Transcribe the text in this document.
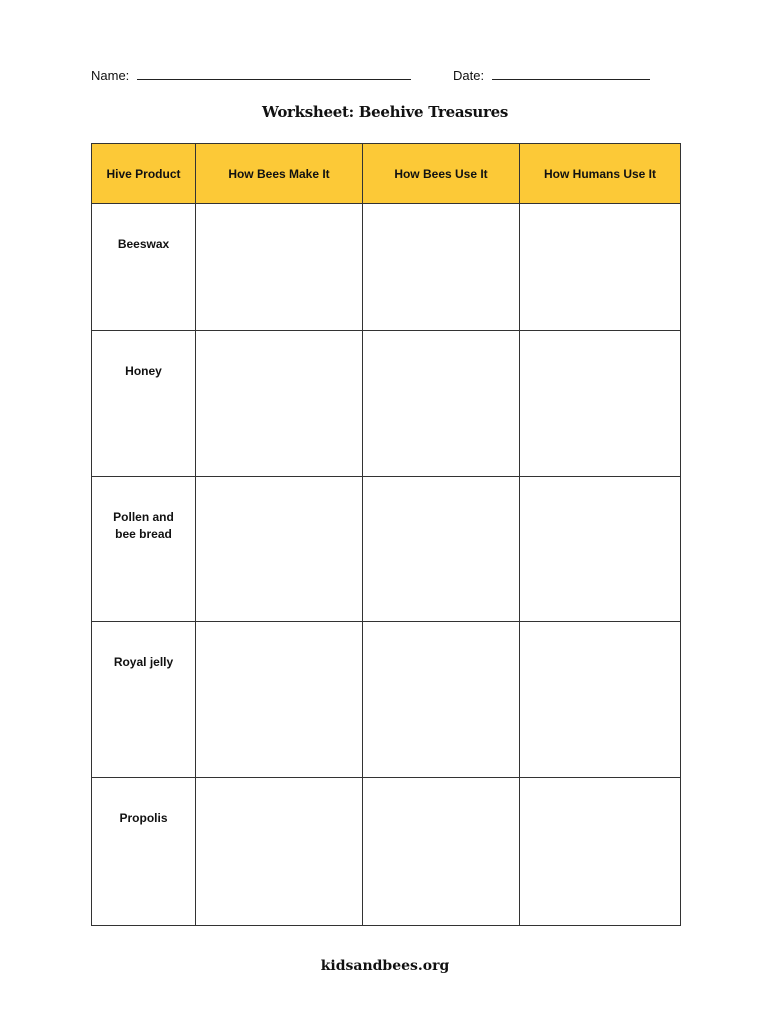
Name:	Date:
Worksheet: Beehive Treasures
Hive Product	How Bees Make It	How Bees Use It	How Humans Use It
Beeswax			
Honey			
Pollen and bee bread			
Royal jelly			
Propolis			
kidsandbees.org
